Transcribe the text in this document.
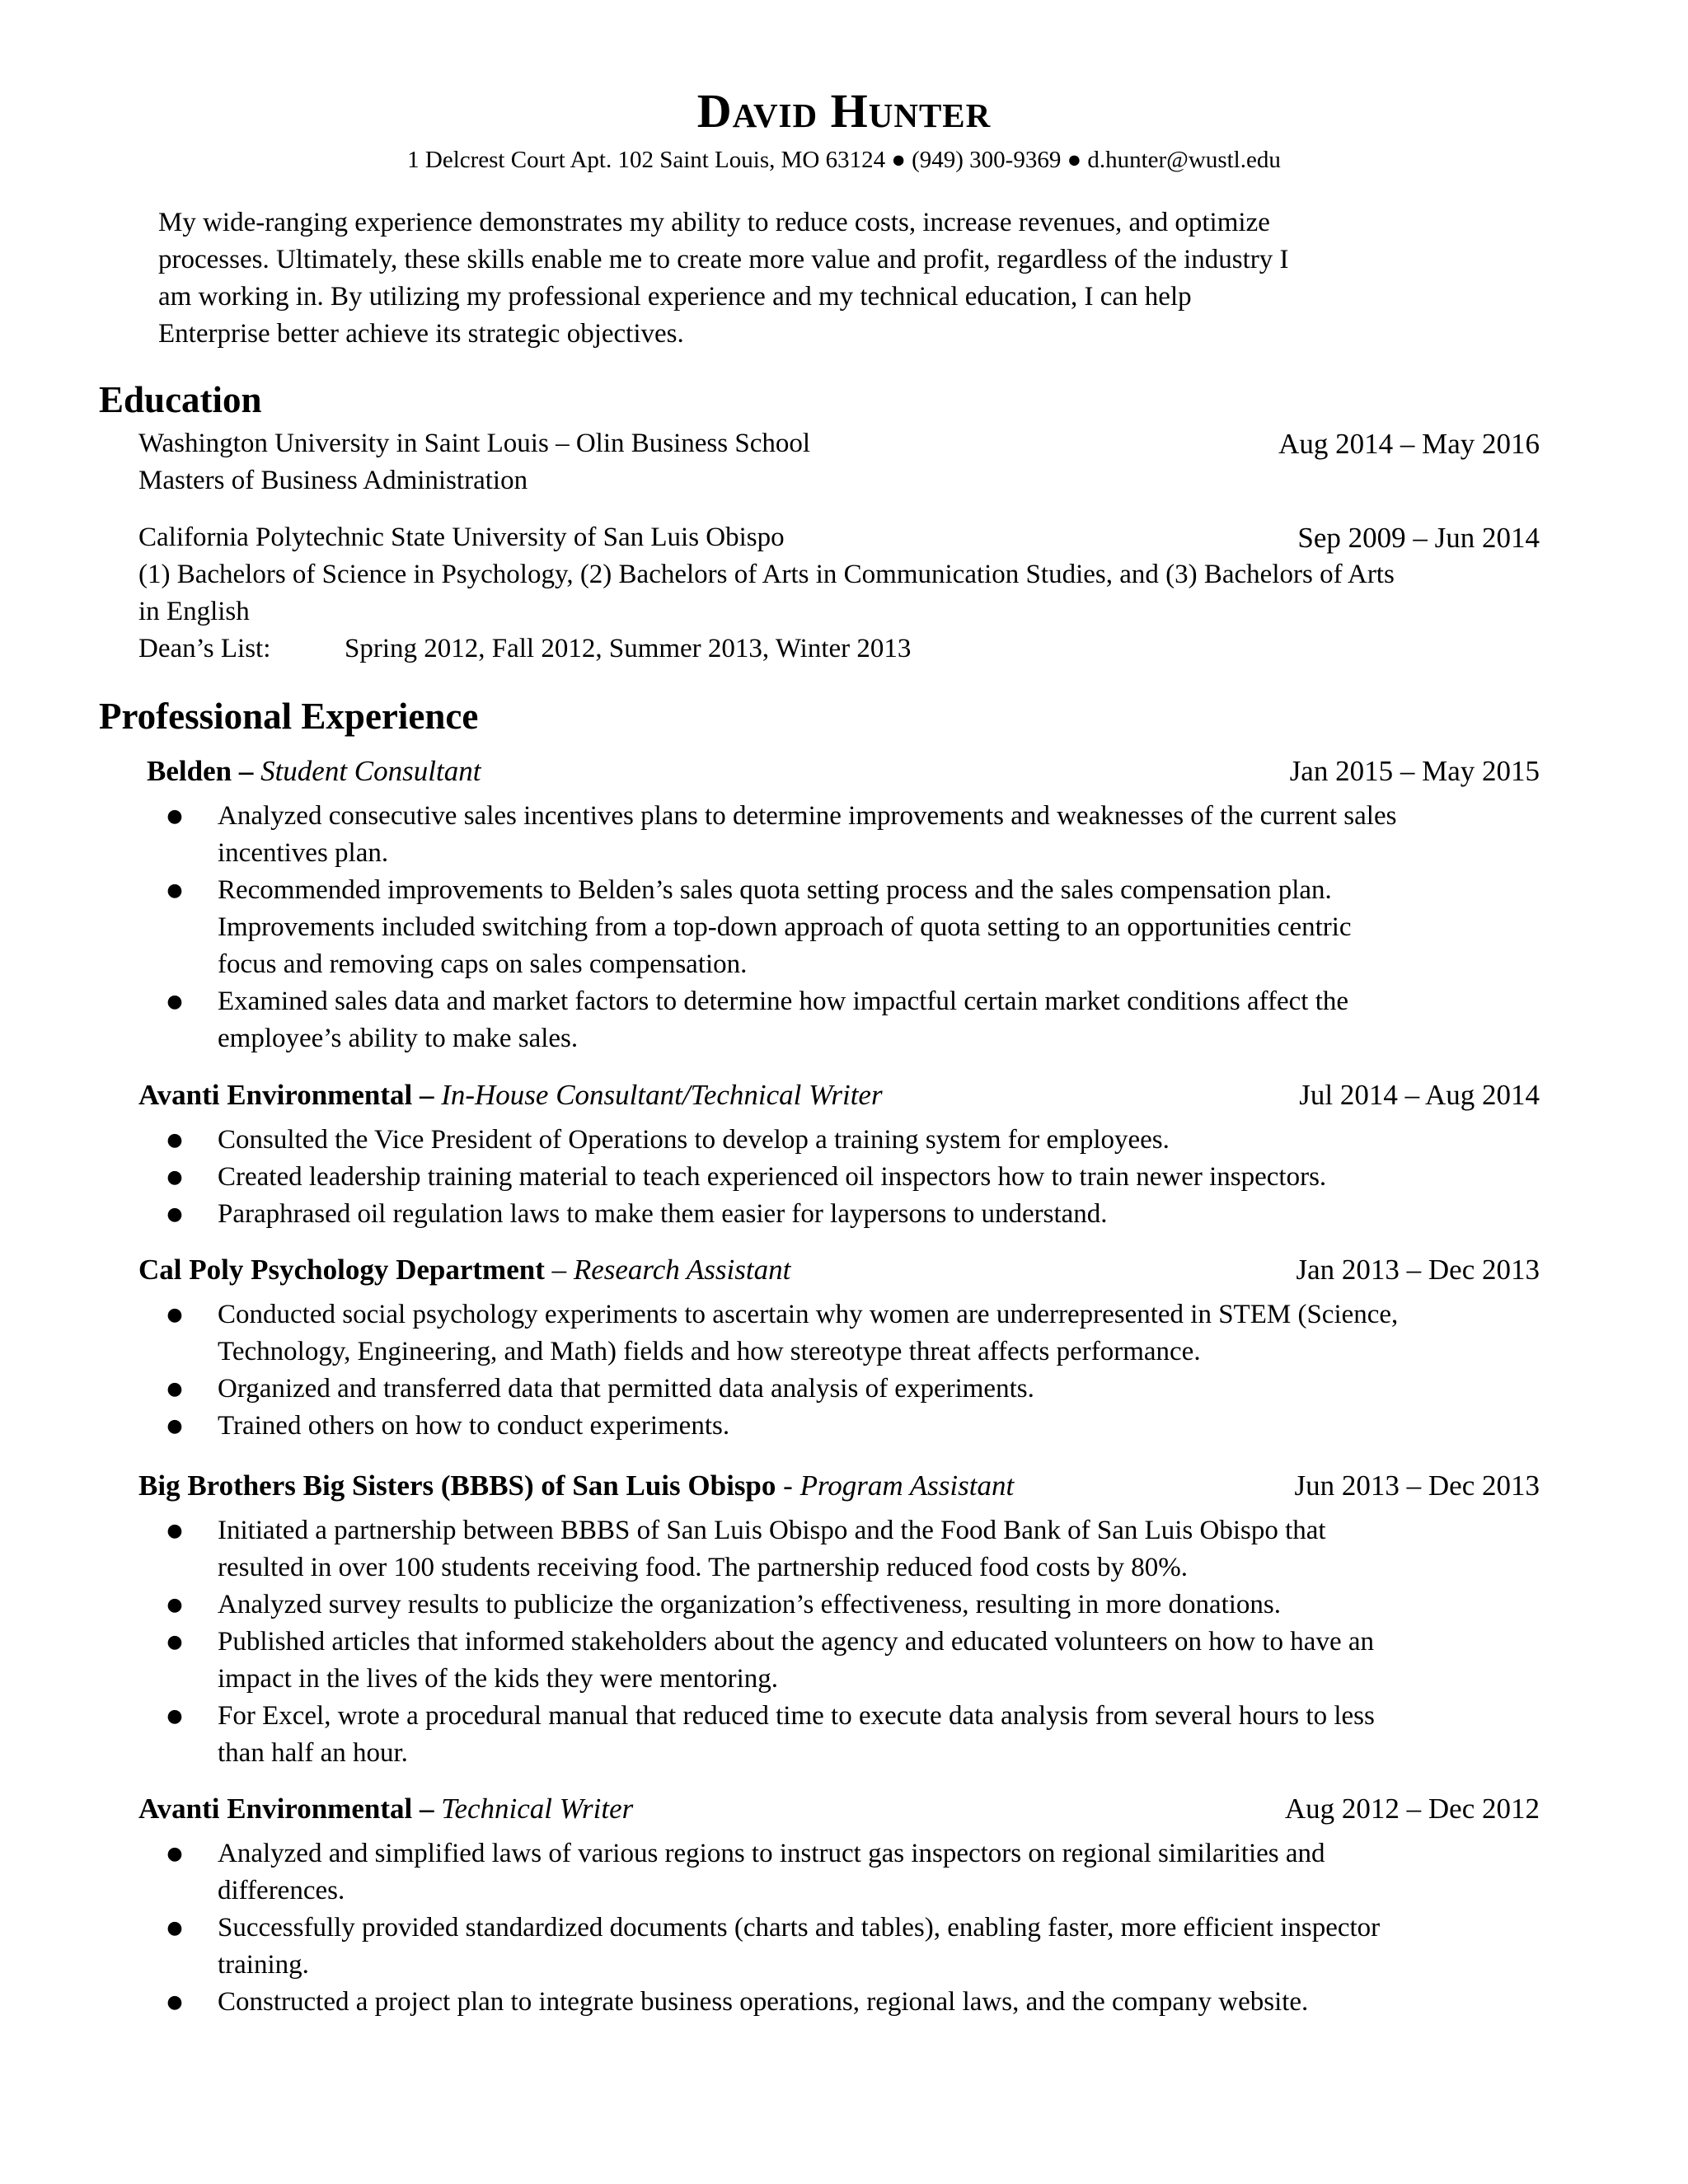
David Hunter
1 Delcrest Court Apt. 102 Saint Louis, MO 63124 ● (949) 300-9369 ● d.hunter@wustl.edu
My wide-ranging experience demonstrates my ability to reduce costs, increase revenues, and optimize
processes. Ultimately, these skills enable me to create more value and profit, regardless of the industry I
am working in. By utilizing my professional experience and my technical education, I can help
Enterprise better achieve its strategic objectives.
Education
Washington University in Saint Louis – Olin Business School	Aug 2014 – May 2016
Masters of Business Administration
California Polytechnic State University of San Luis Obispo	Sep 2009 – Jun 2014
(1) Bachelors of Science in Psychology, (2) Bachelors of Arts in Communication Studies, and (3) Bachelors of Arts
in English
Dean’s List:	Spring 2012, Fall 2012, Summer 2013, Winter 2013
Professional Experience
Belden – Student Consultant	Jan 2015 – May 2015
● Analyzed consecutive sales incentives plans to determine improvements and weaknesses of the current sales
incentives plan.
● Recommended improvements to Belden’s sales quota setting process and the sales compensation plan.
Improvements included switching from a top-down approach of quota setting to an opportunities centric
focus and removing caps on sales compensation.
● Examined sales data and market factors to determine how impactful certain market conditions affect the
employee’s ability to make sales.
Avanti Environmental – In-House Consultant/Technical Writer	Jul 2014 – Aug 2014
● Consulted the Vice President of Operations to develop a training system for employees.
● Created leadership training material to teach experienced oil inspectors how to train newer inspectors.
● Paraphrased oil regulation laws to make them easier for laypersons to understand.
Cal Poly Psychology Department – Research Assistant	Jan 2013 – Dec 2013
● Conducted social psychology experiments to ascertain why women are underrepresented in STEM (Science,
Technology, Engineering, and Math) fields and how stereotype threat affects performance.
● Organized and transferred data that permitted data analysis of experiments.
● Trained others on how to conduct experiments.
Big Brothers Big Sisters (BBBS) of San Luis Obispo - Program Assistant	Jun 2013 – Dec 2013
● Initiated a partnership between BBBS of San Luis Obispo and the Food Bank of San Luis Obispo that
resulted in over 100 students receiving food. The partnership reduced food costs by 80%.
● Analyzed survey results to publicize the organization’s effectiveness, resulting in more donations.
● Published articles that informed stakeholders about the agency and educated volunteers on how to have an
impact in the lives of the kids they were mentoring.
● For Excel, wrote a procedural manual that reduced time to execute data analysis from several hours to less
than half an hour.
Avanti Environmental – Technical Writer	Aug 2012 – Dec 2012
● Analyzed and simplified laws of various regions to instruct gas inspectors on regional similarities and
differences.
● Successfully provided standardized documents (charts and tables), enabling faster, more efficient inspector
training.
● Constructed a project plan to integrate business operations, regional laws, and the company website.
